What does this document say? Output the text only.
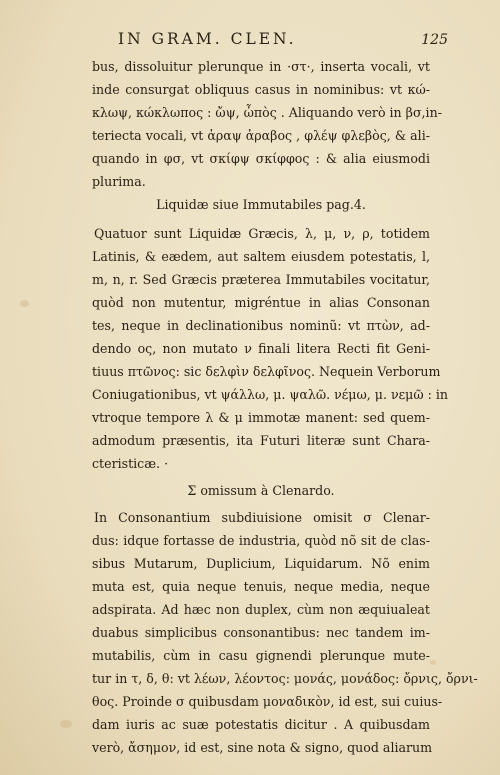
IN GRAM. CLEN.	125
bus, dissoluitur plerunque in ·στ·, inserta vocali, vt
inde consurgat obliquus casus in nominibus: vt κώ-
κλωψ, κώκλωπος : ὤψ, ὦπὸς . Aliquando verò in βσ,in-
teriecta vocali, vt ἀραψ ἀραβος , φλέψ φλεβὸς, & ali-
quando in φσ, vt σκίφψ σκίφφος : & alia eiusmodi
plurima.
Liquidæ siue Immutabiles pag.4.
Quatuor sunt Liquidæ Græcis, λ, μ, ν, ρ, totidem
Latinis, & eædem, aut saltem eiusdem potestatis, l,
m, n, r. Sed Græcis præterea Immutabiles vocitatur,
quòd non mutentur, migréntue in alias Consonan
tes, neque in declinationibus nominũ: vt πτὼν, ad-
dendo ος, non mutato ν finali litera Recti fit Geni-
tiuus πτῶνος: sic δελφὶν δελφῖνος. Nequein Verborum
Coniugationibus, vt ψάλλω, μ. ψαλῶ. νέμω, μ. νεμῶ : in
vtroque tempore λ & μ immotæ manent: sed quem-
admodum præsentis, ita Futuri literæ sunt Chara-
cteristicæ. ·
Σ omissum à Clenardo.
In Consonantium subdiuisione omisit σ Clenar-
dus: idque fortasse de industria, quòd nõ sit de clas-
sibus Mutarum, Duplicium, Liquidarum. Nõ enim
muta est, quia neque tenuis, neque media, neque
adspirata. Ad hæc non duplex, cùm non æquiualeat
duabus simplicibus consonantibus: nec tandem im-
mutabilis, cùm in casu gignendi plerunque mute-
tur in τ, δ, θ: vt λέων, λέοντος: μονάς, μονάδος: ὄρνις, ὄρνι-
θος. Proinde σ quibusdam μοναδικὸν, id est, sui cuius-
dam iuris ac suæ potestatis dicitur . A quibusdam
verò, ἄσημον, id est, sine nota & signo, quod aliarum
